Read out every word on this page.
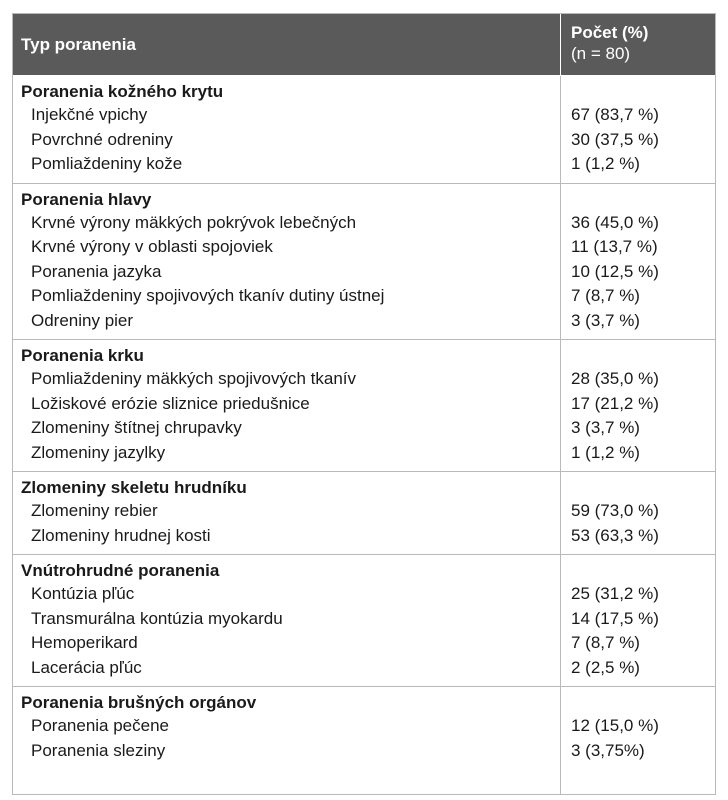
Typ poranenia
Počet (%)
(n = 80)
Poranenia kožného krytu
Injekčné vpichy
Povrchné odreniny
Pomliaždeniny kože
67 (83,7 %)
30 (37,5 %)
1 (1,2 %)
Poranenia hlavy
Krvné výrony mäkkých pokrývok lebečných
Krvné výrony v oblasti spojoviek
Poranenia jazyka
Pomliaždeniny spojivových tkanív dutiny ústnej
Odreniny pier
36 (45,0 %)
11 (13,7 %)
10 (12,5 %)
7 (8,7 %)
3 (3,7 %)
Poranenia krku
Pomliaždeniny mäkkých spojivových tkanív
Ložiskové erózie sliznice priedušnice
Zlomeniny štítnej chrupavky
Zlomeniny jazylky
28 (35,0 %)
17 (21,2 %)
3 (3,7 %)
1 (1,2 %)
Zlomeniny skeletu hrudníku
Zlomeniny rebier
Zlomeniny hrudnej kosti
59 (73,0 %)
53 (63,3 %)
Vnútrohrudné poranenia
Kontúzia pľúc
Transmurálna kontúzia myokardu
Hemoperikard
Lacerácia pľúc
25 (31,2 %)
14 (17,5 %)
7 (8,7 %)
2 (2,5 %)
Poranenia brušných orgánov
Poranenia pečene
Poranenia sleziny
12 (15,0 %)
3 (3,75%)
